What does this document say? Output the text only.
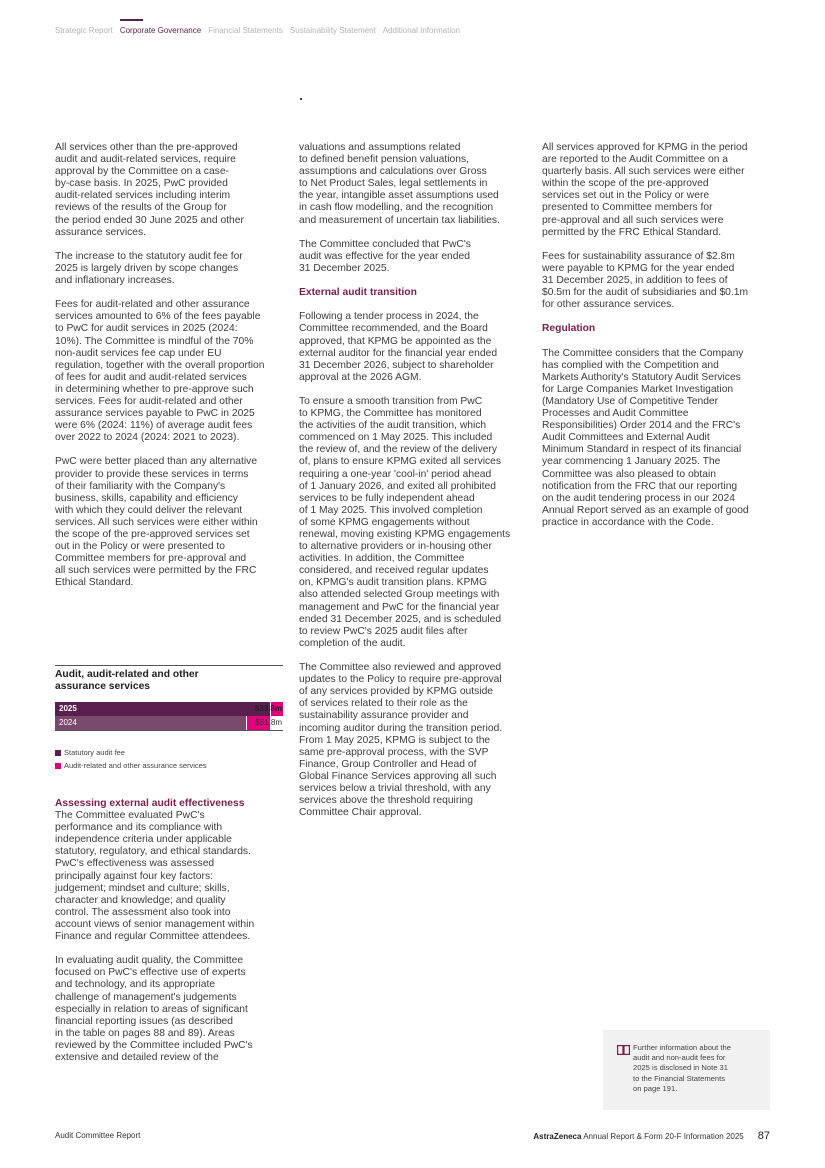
Strategic Report Corporate Governance Financial Statements Sustainability Statement Additional Information

All services other than the pre-approved
audit and audit-related services, require
approval by the Committee on a case-
by-case basis. In 2025, PwC provided
audit-related services including interim
reviews of the results of the Group for
the period ended 30 June 2025 and other
assurance services.

The increase to the statutory audit fee for
2025 is largely driven by scope changes
and inflationary increases.

Fees for audit-related and other assurance
services amounted to 6% of the fees payable
to PwC for audit services in 2025 (2024:
10%). The Committee is mindful of the 70%
non-audit services fee cap under EU
regulation, together with the overall proportion
of fees for audit and audit-related services
in determining whether to pre-approve such
services. Fees for audit-related and other
assurance services payable to PwC in 2025
were 6% (2024: 11%) of average audit fees
over 2022 to 2024 (2024: 2021 to 2023).

PwC were better placed than any alternative
provider to provide these services in terms
of their familiarity with the Company's
business, skills, capability and efficiency
with which they could deliver the relevant
services. All such services were either within
the scope of the pre-approved services set
out in the Policy or were presented to
Committee members for pre-approval and
all such services were permitted by the FRC
Ethical Standard.

Audit, audit-related and other
assurance services
2025	$33.8m
2024	$31.8m
Statutory audit fee
Audit-related and other assurance services

Assessing external audit effectiveness

The Committee evaluated PwC's
performance and its compliance with
independence criteria under applicable
statutory, regulatory, and ethical standards.
PwC's effectiveness was assessed
principally against four key factors:
judgement; mindset and culture; skills,
character and knowledge; and quality
control. The assessment also took into
account views of senior management within
Finance and regular Committee attendees.

In evaluating audit quality, the Committee
focused on PwC's effective use of experts
and technology, and its appropriate
challenge of management's judgements
especially in relation to areas of significant
financial reporting issues (as described
in the table on pages 88 and 89). Areas
reviewed by the Committee included PwC's
extensive and detailed review of the

valuations and assumptions related
to defined benefit pension valuations,
assumptions and calculations over Gross
to Net Product Sales, legal settlements in
the year, intangible asset assumptions used
in cash flow modelling, and the recognition
and measurement of uncertain tax liabilities.

The Committee concluded that PwC's
audit was effective for the year ended
31 December 2025.

External audit transition

Following a tender process in 2024, the
Committee recommended, and the Board
approved, that KPMG be appointed as the
external auditor for the financial year ended
31 December 2026, subject to shareholder
approval at the 2026 AGM.

To ensure a smooth transition from PwC
to KPMG, the Committee has monitored
the activities of the audit transition, which
commenced on 1 May 2025. This included
the review of, and the review of the delivery
of, plans to ensure KPMG exited all services
requiring a one-year 'cool-in' period ahead
of 1 January 2026, and exited all prohibited
services to be fully independent ahead
of 1 May 2025. This involved completion
of some KPMG engagements without
renewal, moving existing KPMG engagements
to alternative providers or in-housing other
activities. In addition, the Committee
considered, and received regular updates
on, KPMG's audit transition plans. KPMG
also attended selected Group meetings with
management and PwC for the financial year
ended 31 December 2025, and is scheduled
to review PwC's 2025 audit files after
completion of the audit.

The Committee also reviewed and approved
updates to the Policy to require pre-approval
of any services provided by KPMG outside
of services related to their role as the
sustainability assurance provider and
incoming auditor during the transition period.
From 1 May 2025, KPMG is subject to the
same pre-approval process, with the SVP
Finance, Group Controller and Head of
Global Finance Services approving all such
services below a trivial threshold, with any
services above the threshold requiring
Committee Chair approval.

All services approved for KPMG in the period
are reported to the Audit Committee on a
quarterly basis. All such services were either
within the scope of the pre-approved
services set out in the Policy or were
presented to Committee members for
pre-approval and all such services were
permitted by the FRC Ethical Standard.

Fees for sustainability assurance of $2.8m
were payable to KPMG for the year ended
31 December 2025, in addition to fees of
$0.5m for the audit of subsidiaries and $0.1m
for other assurance services.

Regulation

The Committee considers that the Company
has complied with the Competition and
Markets Authority's Statutory Audit Services
for Large Companies Market Investigation
(Mandatory Use of Competitive Tender
Processes and Audit Committee
Responsibilities) Order 2014 and the FRC's
Audit Committees and External Audit
Minimum Standard in respect of its financial
year commencing 1 January 2025. The
Committee was also pleased to obtain
notification from the FRC that our reporting
on the audit tendering process in our 2024
Annual Report served as an example of good
practice in accordance with the Code.

Further information about the
audit and non-audit fees for
2025 is disclosed in Note 31
to the Financial Statements
on page 191.
Audit Committee Report	AstraZeneca Annual Report & Form 20-F Information 2025 87
